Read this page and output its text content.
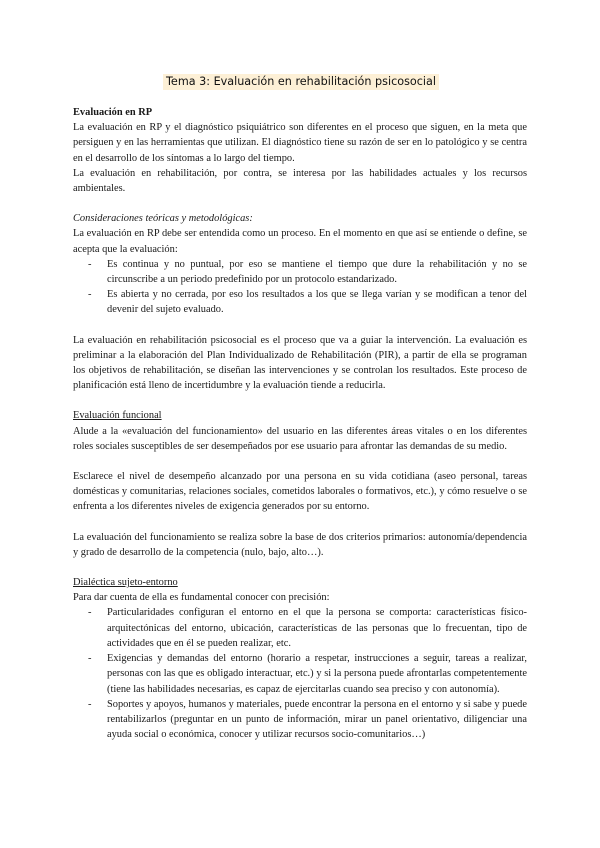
Tema 3: Evaluación en rehabilitación psicosocial

Evaluación en RP

La evaluación en RP y el diagnóstico psiquiátrico son diferentes en el proceso que siguen, en la meta que persiguen y en las herramientas que utilizan. El diagnóstico tiene su razón de ser en lo patológico y se centra en el desarrollo de los síntomas a lo largo del tiempo.

La evaluación en rehabilitación, por contra, se interesa por las habilidades actuales y los recursos ambientales.

Consideraciones teóricas y metodológicas:

La evaluación en RP debe ser entendida como un proceso. En el momento en que así se entiende o define, se acepta que la evaluación:

- Es continua y no puntual, por eso se mantiene el tiempo que dure la rehabilitación y no se circunscribe a un periodo predefinido por un protocolo estandarizado.
- Es abierta y no cerrada, por eso los resultados a los que se llega varían y se modifican a tenor del devenir del sujeto evaluado.

La evaluación en rehabilitación psicosocial es el proceso que va a guiar la intervención. La evaluación es preliminar a la elaboración del Plan Individualizado de Rehabilitación (PIR), a partir de ella se programan los objetivos de rehabilitación, se diseñan las intervenciones y se controlan los resultados. Este proceso de planificación está lleno de incertidumbre y la evaluación tiende a reducirla.

Evaluación funcional

Alude a la «evaluación del funcionamiento» del usuario en las diferentes áreas vitales o en los diferentes roles sociales susceptibles de ser desempeñados por ese usuario para afrontar las demandas de su medio.

Esclarece el nivel de desempeño alcanzado por una persona en su vida cotidiana (aseo personal, tareas domésticas y comunitarias, relaciones sociales, cometidos laborales o formativos, etc.), y cómo resuelve o se enfrenta a los diferentes niveles de exigencia generados por su entorno.

La evaluación del funcionamiento se realiza sobre la base de dos criterios primarios: autonomía/dependencia y grado de desarrollo de la competencia (nulo, bajo, alto…).

Dialéctica sujeto-entorno

Para dar cuenta de ella es fundamental conocer con precisión:

- Particularidades configuran el entorno en el que la persona se comporta: características físico-arquitectónicas del entorno, ubicación, características de las personas que lo frecuentan, tipo de actividades que en él se pueden realizar, etc.
- Exigencias y demandas del entorno (horario a respetar, instrucciones a seguir, tareas a realizar, personas con las que es obligado interactuar, etc.) y si la persona puede afrontarlas competentemente (tiene las habilidades necesarias, es capaz de ejercitarlas cuando sea preciso y con autonomía).
- Soportes y apoyos, humanos y materiales, puede encontrar la persona en el entorno y si sabe y puede rentabilizarlos (preguntar en un punto de información, mirar un panel orientativo, diligenciar una ayuda social o económica, conocer y utilizar recursos socio-comunitarios…)
